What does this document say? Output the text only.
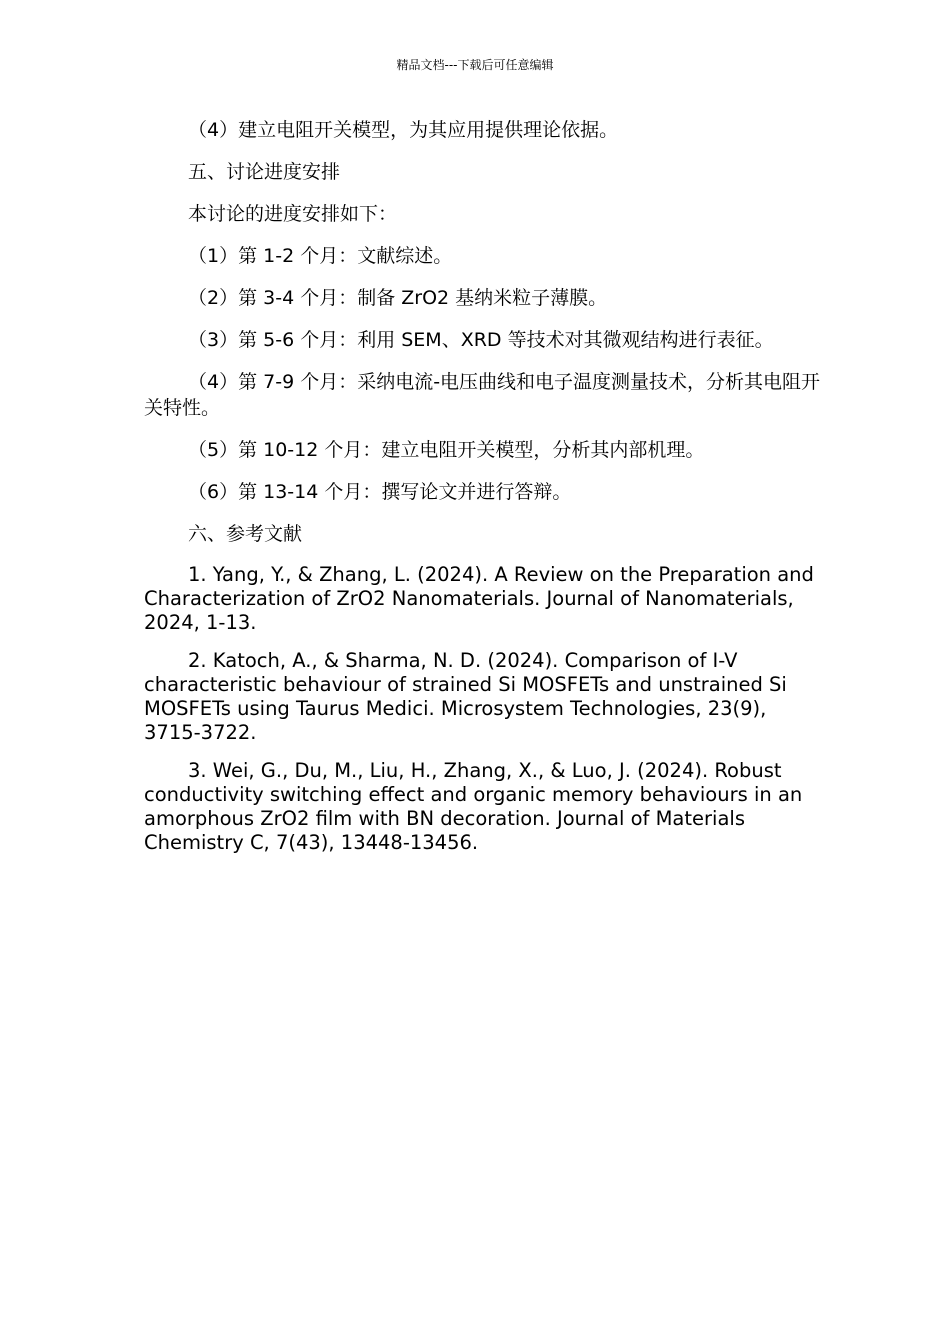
精品文档---下载后可任意编辑

（4）建立电阻开关模型，为其应用提供理论依据。

五、讨论进度安排

本讨论的进度安排如下：

（1）第 1-2 个月：文献综述。

（2）第 3-4 个月：制备 ZrO2 基纳米粒子薄膜。

（3）第 5-6 个月：利用 SEM、XRD 等技术对其微观结构进行表征。

（4）第 7-9 个月：采纳电流-电压曲线和电子温度测量技术，分析其电阻开关特性。

（5）第 10-12 个月：建立电阻开关模型，分析其内部机理。

（6）第 13-14 个月：撰写论文并进行答辩。

六、参考文献

1. Yang, Y., & Zhang, L. (2024). A Review on the Preparation and Characterization of ZrO2 Nanomaterials. Journal of Nanomaterials, 2024, 1-13.

2. Katoch, A., & Sharma, N. D. (2024). Comparison of I-V characteristic behaviour of strained Si MOSFETs and unstrained Si MOSFETs using Taurus Medici. Microsystem Technologies, 23(9), 3715-3722.

3. Wei, G., Du, M., Liu, H., Zhang, X., & Luo, J. (2024). Robust conductivity switching effect and organic memory behaviours in an amorphous ZrO2 film with BN decoration. Journal of Materials Chemistry C, 7(43), 13448-13456.
